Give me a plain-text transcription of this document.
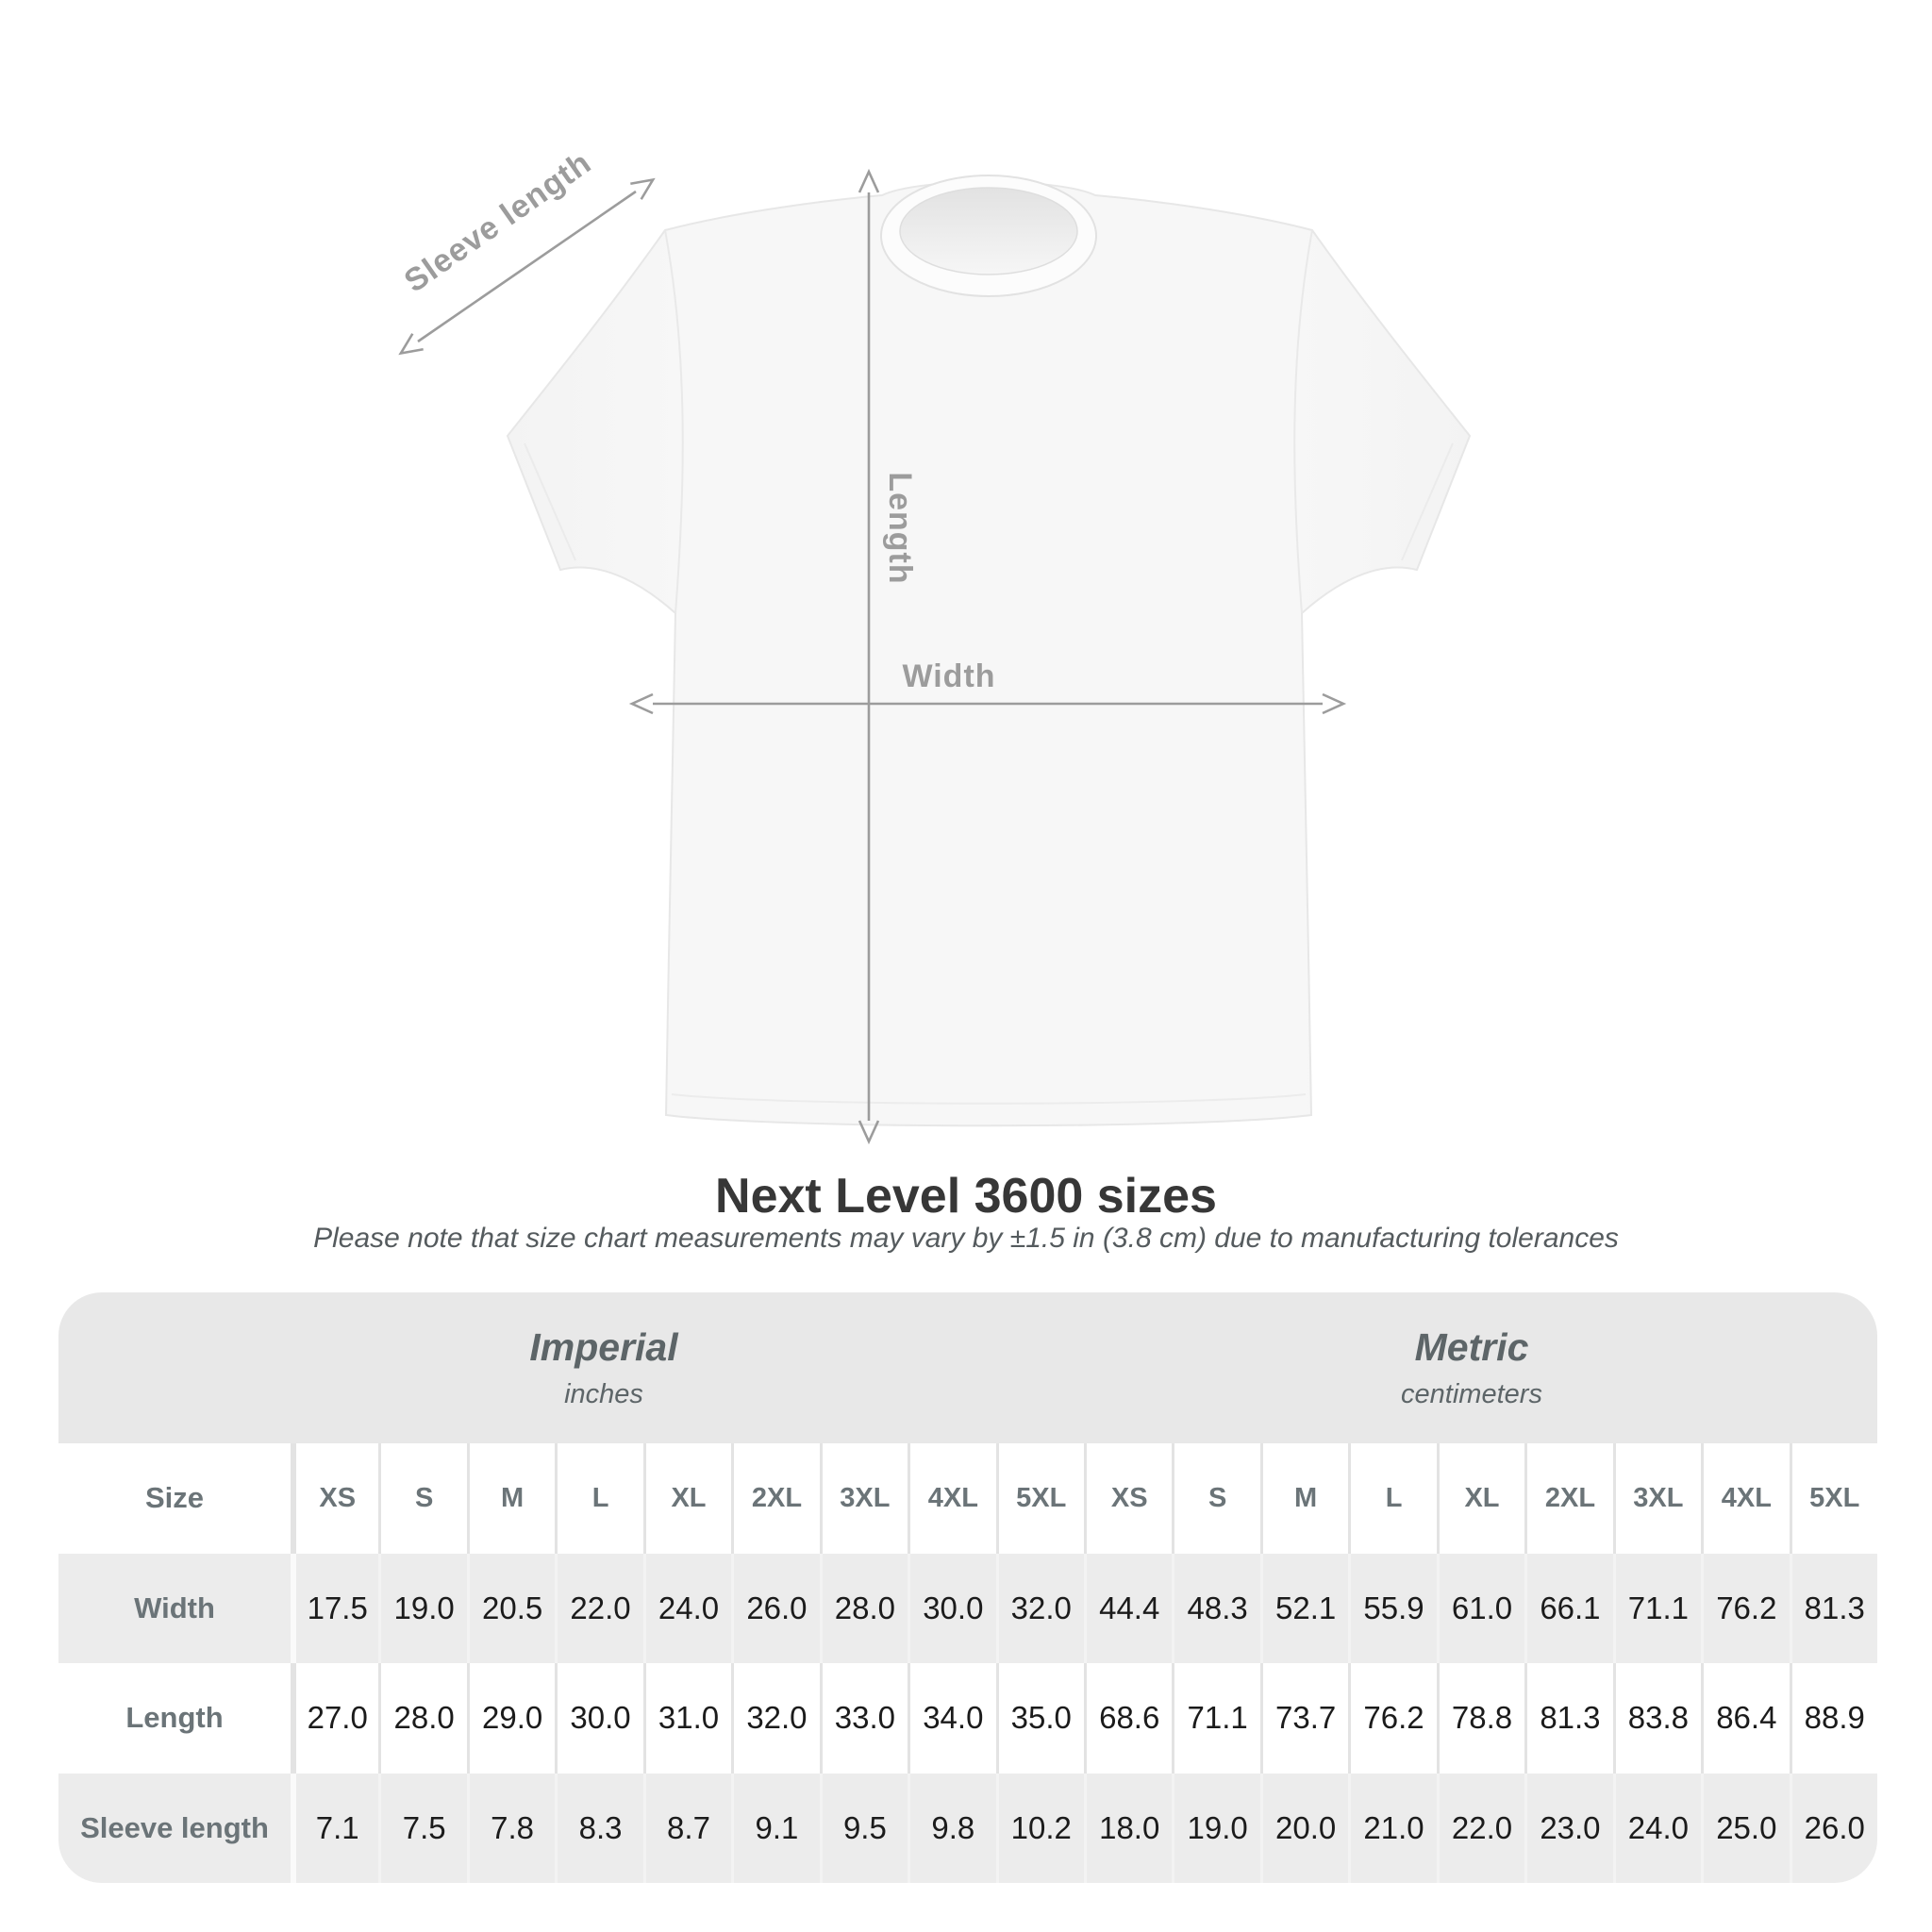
Width
Length
Sleeve length
Next Level 3600 sizes
Please note that size chart measurements may vary by ±1.5 in (3.8 cm) due to manufacturing tolerances
Imperial
inches
Metric
centimeters
Size	XS	S	M	L	XL	2XL	3XL	4XL	5XL	XS	S	M	L	XL	2XL	3XL	4XL	5XL
Width	17.5 19.0 20.5 22.0 24.0 26.0 28.0 30.0 32.0 44.4 48.3 52.1 55.9 61.0 66.1 71.1 76.2 81.3
Length	27.0 28.0 29.0 30.0 31.0 32.0 33.0 34.0 35.0 68.6 71.1 73.7 76.2 78.8 81.3 83.8 86.4 88.9
Sleeve length	7.1	7.5	7.8	8.3	8.7	9.1	9.5	9.8	10.2 18.0 19.0 20.0 21.0 22.0 23.0 24.0 25.0 26.0
